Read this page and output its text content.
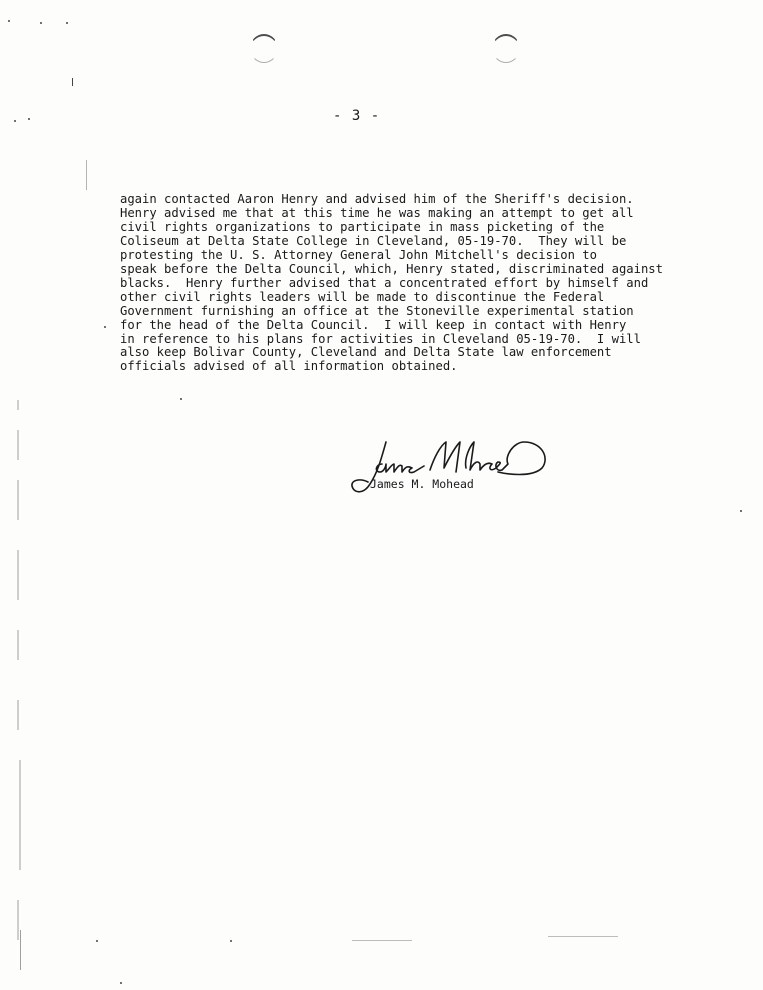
- 3 -
again contacted Aaron Henry and advised him of the Sheriff's decision.
Henry advised me that at this time he was making an attempt to get all
civil rights organizations to participate in mass picketing of the
Coliseum at Delta State College in Cleveland, 05-19-70.  They will be
protesting the U. S. Attorney General John Mitchell's decision to
speak before the Delta Council, which, Henry stated, discriminated against
blacks.  Henry further advised that a concentrated effort by himself and
other civil rights leaders will be made to discontinue the Federal
Government furnishing an office at the Stoneville experimental station
for the head of the Delta Council.  I will keep in contact with Henry
in reference to his plans for activities in Cleveland 05-19-70.  I will
also keep Bolivar County, Cleveland and Delta State law enforcement
officials advised of all information obtained.
James M. Mohead
